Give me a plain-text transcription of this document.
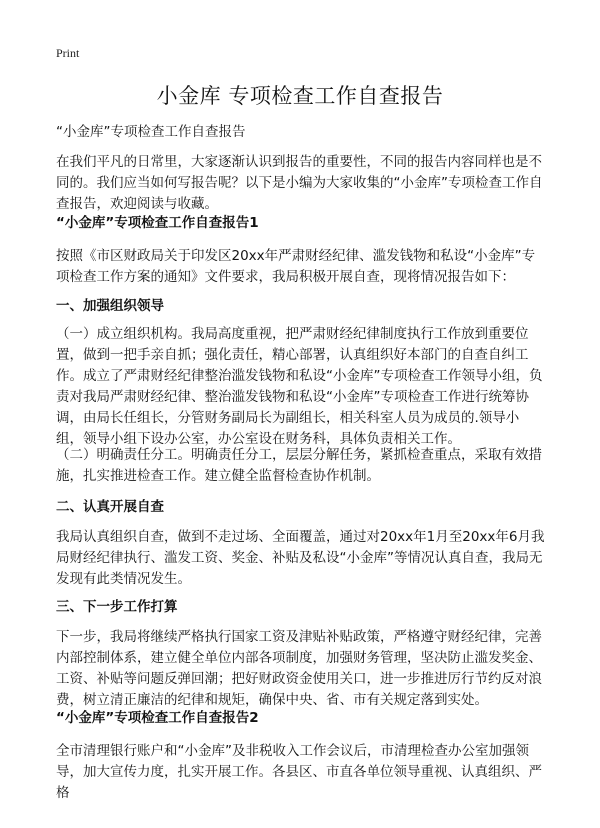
Print
小金库 专项检查工作自查报告

“小金库”专项检查工作自查报告

在我们平凡的日常里，大家逐渐认识到报告的重要性，不同的报告内容同样也是不同的。我们应当如何写报告呢？以下是小编为大家收集的“小金库”专项检查工作自查报告，欢迎阅读与收藏。

“小金库”专项检查工作自查报告1

按照《市区财政局关于印发区20xx年严肃财经纪律、滥发钱物和私设“小金库”专项检查工作方案的通知》文件要求，我局积极开展自查，现将情况报告如下：

一、加强组织领导

（一）成立组织机构。我局高度重视，把严肃财经纪律制度执行工作放到重要位置，做到一把手亲自抓；强化责任，精心部署，认真组织好本部门的自查自纠工作。成立了严肃财经纪律整治滥发钱物和私设“小金库”专项检查工作领导小组，负责对我局严肃财经纪律、整治滥发钱物和私设“小金库”专项检查工作进行统筹协调，由局长任组长，分管财务副局长为副组长，相关科室人员为成员的.领导小组，领导小组下设办公室，办公室设在财务科，具体负责相关工作。

（二）明确责任分工。明确责任分工，层层分解任务，紧抓检查重点，采取有效措施，扎实推进检查工作。建立健全监督检查协作机制。

二、认真开展自查

我局认真组织自查，做到不走过场、全面覆盖，通过对20xx年1月至20xx年6月我局财经纪律执行、滥发工资、奖金、补贴及私设“小金库”等情况认真自查，我局无发现有此类情况发生。

三、下一步工作打算

下一步，我局将继续严格执行国家工资及津贴补贴政策，严格遵守财经纪律，完善内部控制体系，建立健全单位内部各项制度，加强财务管理，坚决防止滥发奖金、工资、补贴等问题反弹回潮；把好财政资金使用关口，进一步推进厉行节约反对浪费，树立清正廉洁的纪律和规矩，确保中央、省、市有关规定落到实处。

“小金库”专项检查工作自查报告2

全市清理银行账户和“小金库”及非税收入工作会议后，市清理检查办公室加强领导，加大宣传力度，扎实开展工作。各县区、市直各单位领导重视、认真组织、严格
